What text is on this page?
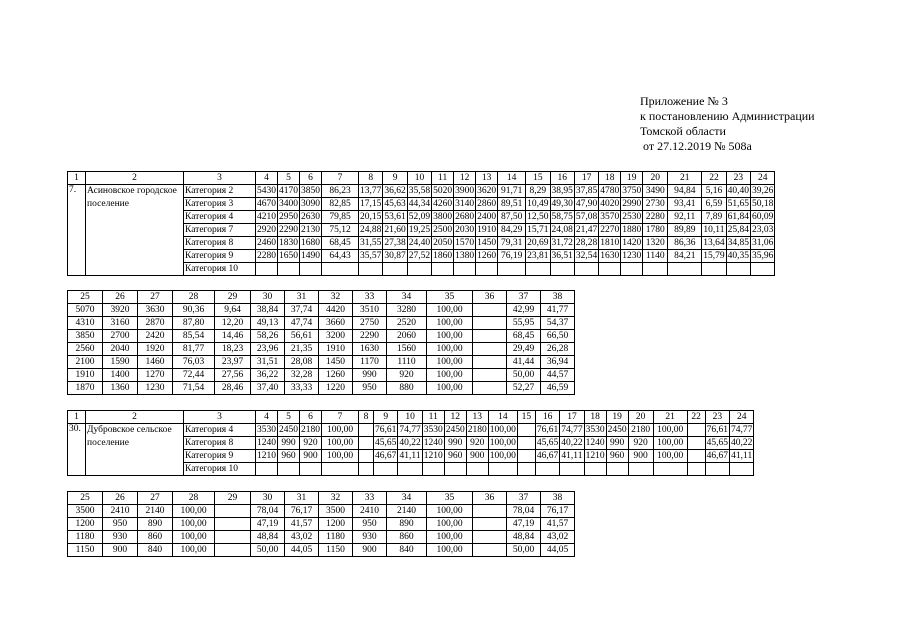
Приложение № 3
к постановлению Администрации
Томской области
от 27.12.2019 № 508а
1	2	3	4	5	6	7	8	9	10	11	12	13	14	15	16	17	18	19	20	21	22	23	24
7.	Асиновское городское поселение	Категория 2	5430	4170	3850	86,23	13,77	36,62	35,58	5020	3900	3620	91,71	8,29	38,95	37,85	4780	3750	3490	94,84	5,16	40,40	39,26
		Категория 3	4670	3400	3090	82,85	17,15	45,63	44,34	4260	3140	2860	89,51	10,49	49,30	47,90	4020	2990	2730	93,41	6,59	51,65	50,18
		Категория 4	4210	2950	2630	79,85	20,15	53,61	52,09	3800	2680	2400	87,50	12,50	58,75	57,08	3570	2530	2280	92,11	7,89	61,84	60,09
		Категория 7	2920	2290	2130	75,12	24,88	21,60	19,25	2500	2030	1910	84,29	15,71	24,08	21,47	2270	1880	1780	89,89	10,11	25,84	23,03
		Категория 8	2460	1830	1680	68,45	31,55	27,38	24,40	2050	1570	1450	79,31	20,69	31,72	28,28	1810	1420	1320	86,36	13,64	34,85	31,06
		Категория 9	2280	1650	1490	64,43	35,57	30,87	27,52	1860	1380	1260	76,19	23,81	36,51	32,54	1630	1230	1140	84,21	15,79	40,35	35,96
		Категория 10																					
25	26	27	28	29	30	31	32	33	34	35	36	37	38
5070	3920	3630	90,36	9,64	38,84	37,74	4420	3510	3280	100,00		42,99	41,77
4310	3160	2870	87,80	12,20	49,13	47,74	3660	2750	2520	100,00		55,95	54,37
3850	2700	2420	85,54	14,46	58,26	56,61	3200	2290	2060	100,00		68,45	66,50
2560	2040	1920	81,77	18,23	23,96	21,35	1910	1630	1560	100,00		29,49	26,28
2100	1590	1460	76,03	23,97	31,51	28,08	1450	1170	1110	100,00		41,44	36,94
1910	1400	1270	72,44	27,56	36,22	32,28	1260	990	920	100,00		50,00	44,57
1870	1360	1230	71,54	28,46	37,40	33,33	1220	950	880	100,00		52,27	46,59
1	2	3	4	5	6	7	8	9	10	11	12	13	14	15	16	17	18	19	20	21	22	23	24
30.	Дубровское сельское поселение	Категория 4	3530	2450	2180	100,00		76,61	74,77	3530	2450	2180	100,00		76,61	74,77	3530	2450	2180	100,00		76,61	74,77
		Категория 8	1240	990	920	100,00		45,65	40,22	1240	990	920	100,00		45,65	40,22	1240	990	920	100,00		45,65	40,22
		Категория 9	1210	960	900	100,00		46,67	41,11	1210	960	900	100,00		46,67	41,11	1210	960	900	100,00		46,67	41,11
		Категория 10																					
25	26	27	28	29	30	31	32	33	34	35	36	37	38
3500	2410	2140	100,00		78,04	76,17	3500	2410	2140	100,00		78,04	76,17
1200	950	890	100,00		47,19	41,57	1200	950	890	100,00		47,19	41,57
1180	930	860	100,00		48,84	43,02	1180	930	860	100,00		48,84	43,02
1150	900	840	100,00		50,00	44,05	1150	900	840	100,00		50,00	44,05
